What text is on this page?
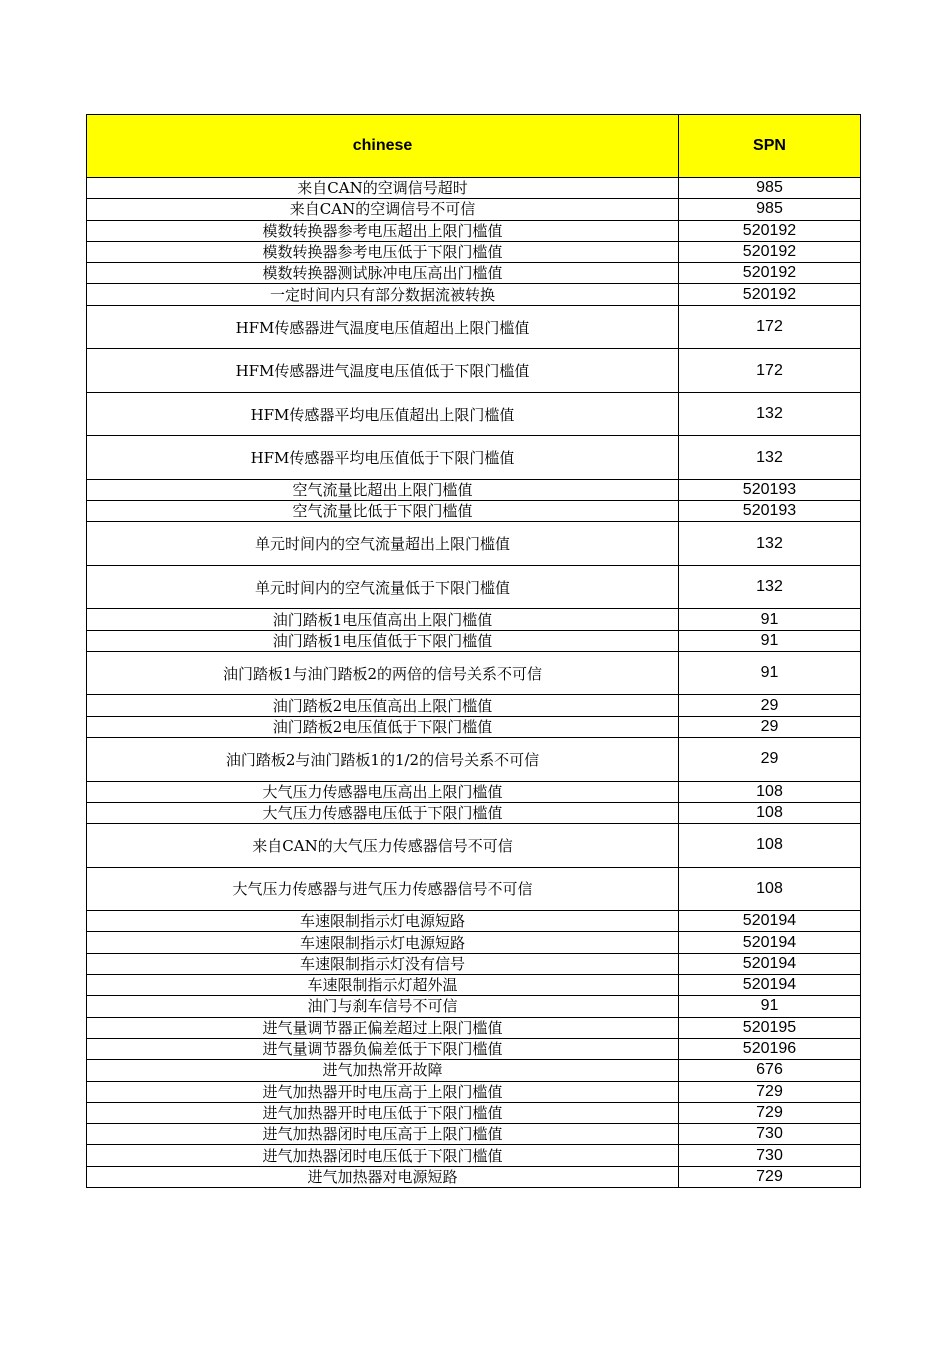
chinese	SPN
来自CAN的空调信号超时	985
来自CAN的空调信号不可信	985
模数转换器参考电压超出上限门槛值	520192
模数转换器参考电压低于下限门槛值	520192
模数转换器测试脉冲电压高出门槛值	520192
一定时间内只有部分数据流被转换	520192
HFM传感器进气温度电压值超出上限门槛值	172
HFM传感器进气温度电压值低于下限门槛值	172
HFM传感器平均电压值超出上限门槛值	132
HFM传感器平均电压值低于下限门槛值	132
空气流量比超出上限门槛值	520193
空气流量比低于下限门槛值	520193
单元时间内的空气流量超出上限门槛值	132
单元时间内的空气流量低于下限门槛值	132
油门踏板1电压值高出上限门槛值	91
油门踏板1电压值低于下限门槛值	91
油门踏板1与油门踏板2的两倍的信号关系不可信	91
油门踏板2电压值高出上限门槛值	29
油门踏板2电压值低于下限门槛值	29
油门踏板2与油门踏板1的1/2的信号关系不可信	29
大气压力传感器电压高出上限门槛值	108
大气压力传感器电压低于下限门槛值	108
来自CAN的大气压力传感器信号不可信	108
大气压力传感器与进气压力传感器信号不可信	108
车速限制指示灯电源短路	520194
车速限制指示灯电源短路	520194
车速限制指示灯没有信号	520194
车速限制指示灯超外温	520194
油门与刹车信号不可信	91
进气量调节器正偏差超过上限门槛值	520195
进气量调节器负偏差低于下限门槛值	520196
进气加热常开故障	676
进气加热器开时电压高于上限门槛值	729
进气加热器开时电压低于下限门槛值	729
进气加热器闭时电压高于上限门槛值	730
进气加热器闭时电压低于下限门槛值	730
进气加热器对电源短路	729
